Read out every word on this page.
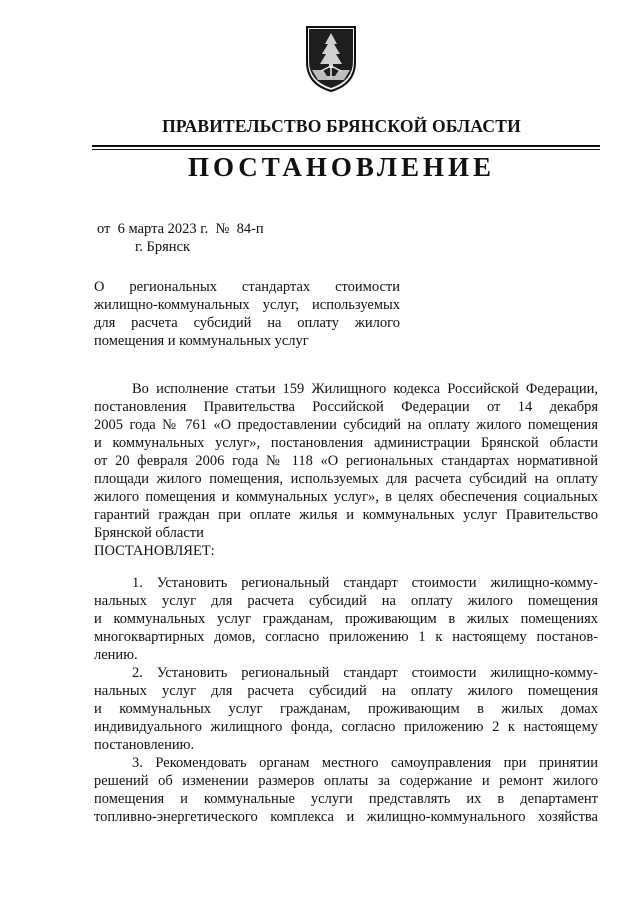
ПРАВИТЕЛЬСТВО БРЯНСКОЙ ОБЛАСТИ
ПОСТАНОВЛЕНИЕ
от  6 марта 2023 г.  №  84-п
г. Брянск
О региональных стандартах стоимости
жилищно-коммунальных услуг, используемых
для расчета субсидий на оплату жилого
помещения и коммунальных услуг
Во исполнение статьи 159 Жилищного кодекса Российской Федерации,
постановления Правительства Российской Федерации от 14 декабря
2005 года № 761 «О предоставлении субсидий на оплату жилого помещения
и коммунальных услуг», постановления администрации Брянской области
от 20 февраля 2006 года № 118 «О региональных стандартах нормативной
площади жилого помещения, используемых для расчета субсидий на оплату
жилого помещения и коммунальных услуг», в целях обеспечения социальных
гарантий граждан при оплате жилья и коммунальных услуг Правительство
Брянской области
ПОСТАНОВЛЯЕТ:
1. Установить региональный стандарт стоимости жилищно-комму-
нальных услуг для расчета субсидий на оплату жилого помещения
и коммунальных услуг гражданам, проживающим в жилых помещениях
многоквартирных домов, согласно приложению 1 к настоящему постанов-
лению.
2. Установить региональный стандарт стоимости жилищно-комму-
нальных услуг для расчета субсидий на оплату жилого помещения
и коммунальных услуг гражданам, проживающим в жилых домах
индивидуального жилищного фонда, согласно приложению 2 к настоящему
постановлению.
3. Рекомендовать органам местного самоуправления при принятии
решений об изменении размеров оплаты за содержание и ремонт жилого
помещения и коммунальные услуги представлять их в департамент
топливно-энергетического комплекса и жилищно-коммунального хозяйства
